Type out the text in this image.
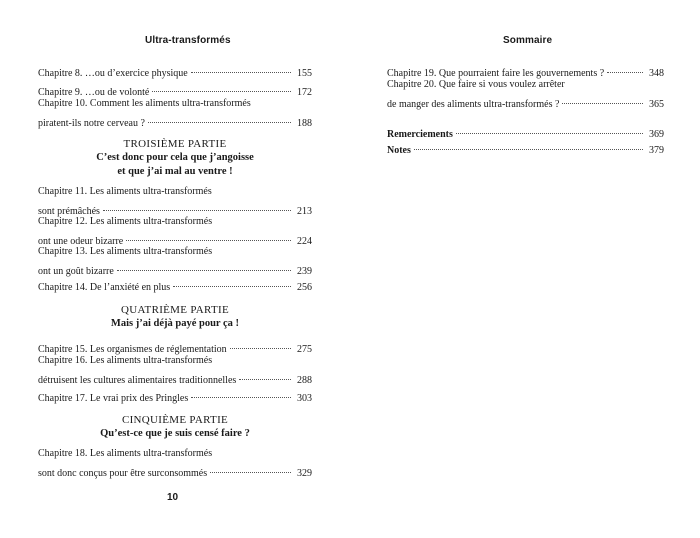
Ultra-transformés
Chapitre 8. …ou d’exercice physique	155
Chapitre 9. …ou de volonté	172
Chapitre 10. Comment les aliments ultra-transformés
piratent-ils notre cerveau ?	188
TROISIÈME PARTIE
C’est donc pour cela que j’angoisse
et que j’ai mal au ventre !
Chapitre 11. Les aliments ultra-transformés
sont prémâchés	213
Chapitre 12. Les aliments ultra-transformés
ont une odeur bizarre	224
Chapitre 13. Les aliments ultra-transformés
ont un goût bizarre	239
Chapitre 14. De l’anxiété en plus	256
QUATRIÈME PARTIE
Mais j’ai déjà payé pour ça !
Chapitre 15. Les organismes de réglementation	275
Chapitre 16. Les aliments ultra-transformés
détruisent les cultures alimentaires traditionnelles	288
Chapitre 17. Le vrai prix des Pringles	303
CINQUIÈME PARTIE
Qu’est-ce que je suis censé faire ?
Chapitre 18. Les aliments ultra-transformés
sont donc conçus pour être surconsommés	329
10
Sommaire
Chapitre 19. Que pourraient faire les gouvernements ?	348
Chapitre 20. Que faire si vous voulez arrêter
de manger des aliments ultra-transformés ?	365
Remerciements	369
Notes	379
